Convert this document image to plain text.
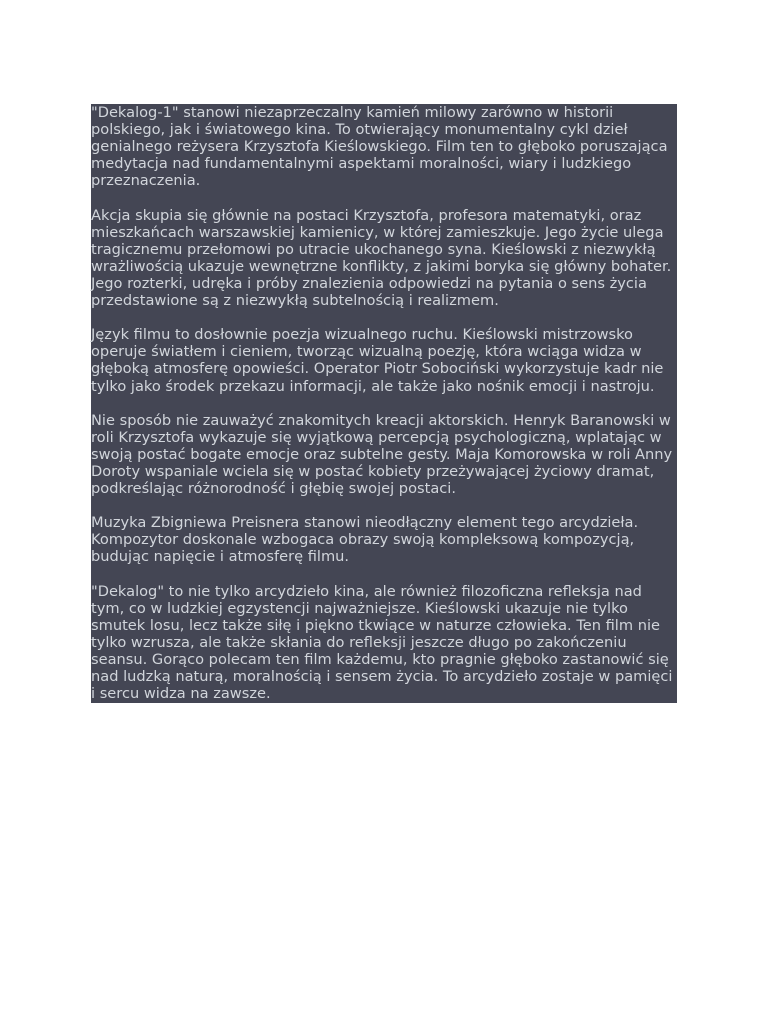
"Dekalog-1" stanowi niezaprzeczalny kamień milowy zarówno w historii polskiego, jak i światowego kina. To otwierający monumentalny cykl dzieł genialnego reżysera Krzysztofa Kieślowskiego. Film ten to głęboko poruszająca medytacja nad fundamentalnymi aspektami moralności, wiary i ludzkiego przeznaczenia.

Akcja skupia się głównie na postaci Krzysztofa, profesora matematyki, oraz mieszkańcach warszawskiej kamienicy, w której zamieszkuje. Jego życie ulega tragicznemu przełomowi po utracie ukochanego syna. Kieślowski z niezwykłą wrażliwością ukazuje wewnętrzne konflikty, z jakimi boryka się główny bohater. Jego rozterki, udręka i próby znalezienia odpowiedzi na pytania o sens życia przedstawione są z niezwykłą subtelnością i realizmem.

Język filmu to dosłownie poezja wizualnego ruchu. Kieślowski mistrzowsko operuje światłem i cieniem, tworząc wizualną poezję, która wciąga widza w głęboką atmosferę opowieści. Operator Piotr Sobociński wykorzystuje kadr nie tylko jako środek przekazu informacji, ale także jako nośnik emocji i nastroju.

Nie sposób nie zauważyć znakomitych kreacji aktorskich. Henryk Baranowski w roli Krzysztofa wykazuje się wyjątkową percepcją psychologiczną, wplatając w swoją postać bogate emocje oraz subtelne gesty. Maja Komorowska w roli Anny Doroty wspaniale wciela się w postać kobiety przeżywającej życiowy dramat, podkreślając różnorodność i głębię swojej postaci.

Muzyka Zbigniewa Preisnera stanowi nieodłączny element tego arcydzieła. Kompozytor doskonale wzbogaca obrazy swoją kompleksową kompozycją, budując napięcie i atmosferę filmu.

"Dekalog" to nie tylko arcydzieło kina, ale również filozoficzna refleksja nad tym, co w ludzkiej egzystencji najważniejsze. Kieślowski ukazuje nie tylko smutek losu, lecz także siłę i piękno tkwiące w naturze człowieka. Ten film nie tylko wzrusza, ale także skłania do refleksji jeszcze długo po zakończeniu seansu. Gorąco polecam ten film każdemu, kto pragnie głęboko zastanowić się nad ludzką naturą, moralnością i sensem życia. To arcydzieło zostaje w pamięci i sercu widza na zawsze.
